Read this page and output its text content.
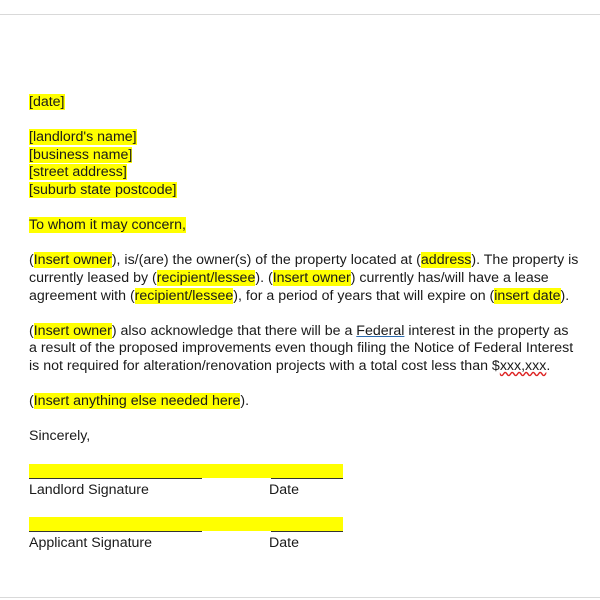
[date]
[landlord's name]
[business name]
[street address]
[suburb state postcode]
To whom it may concern,
(Insert owner), is/(are) the owner(s) of the property located at (address). The property is
currently leased by (recipient/lessee). (Insert owner) currently has/will have a lease
agreement with (recipient/lessee), for a period of years that will expire on (insert date).
(Insert owner) also acknowledge that there will be a Federal interest in the property as
a result of the proposed improvements even though filing the Notice of Federal Interest
is not required for alteration/renovation projects with a total cost less than $xxx,xxx.
(Insert anything else needed here).
Sincerely,
Landlord Signature	Date
Applicant Signature	Date
